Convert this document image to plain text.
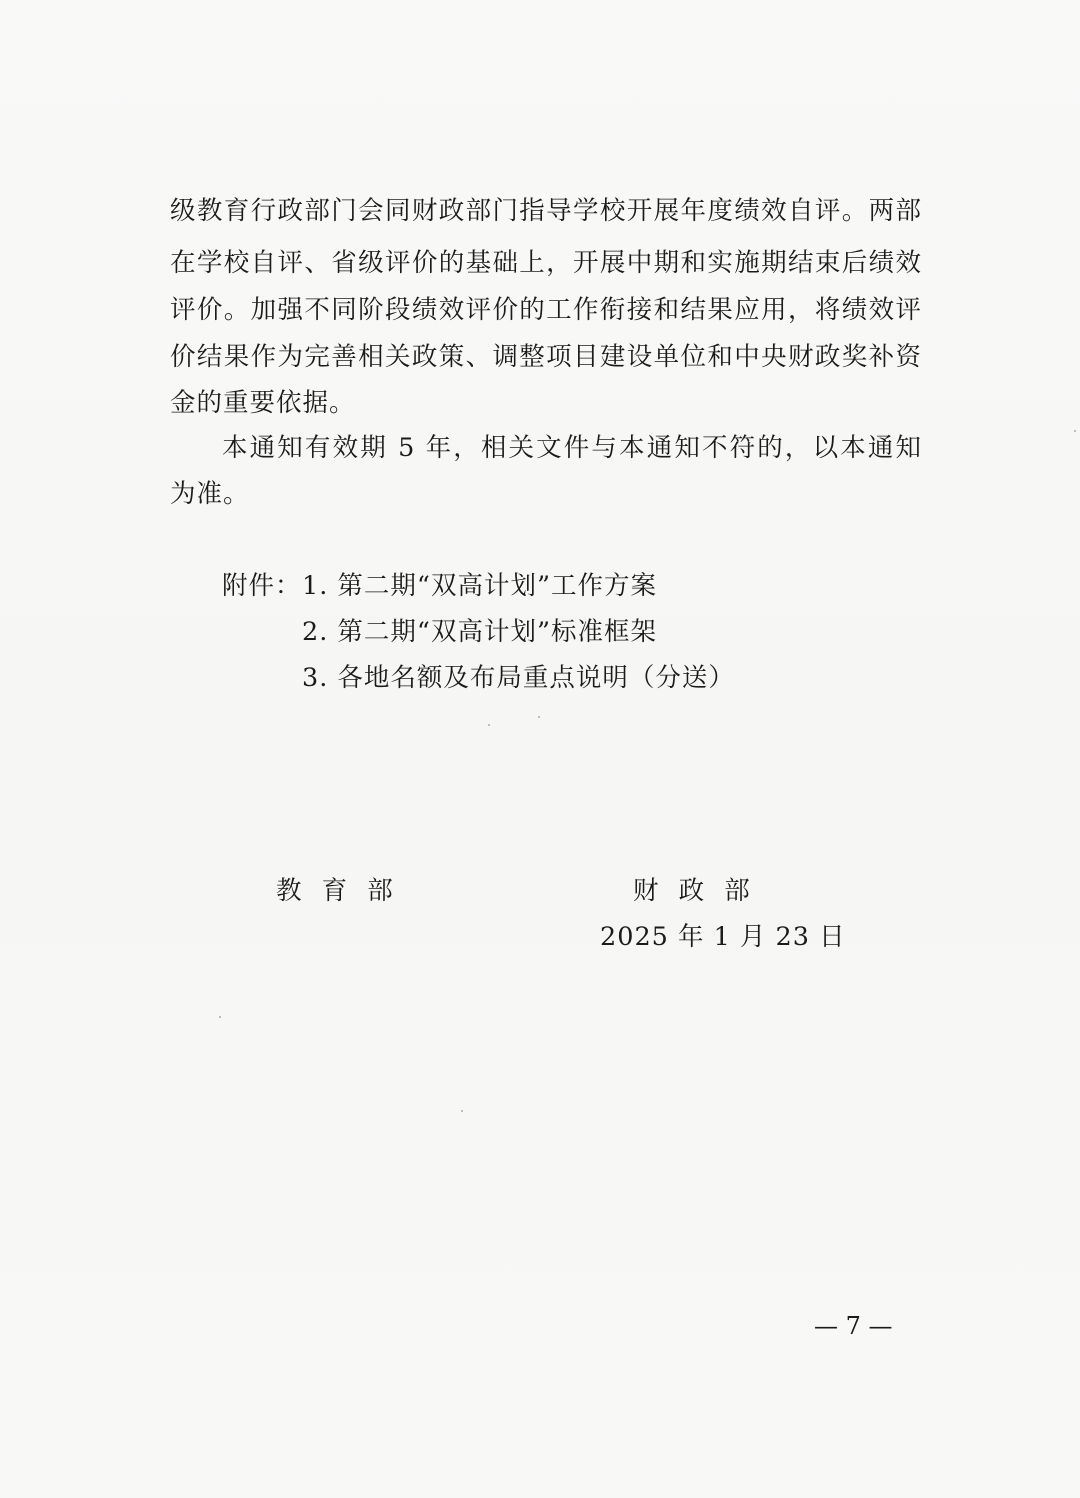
级教育行政部门会同财政部门指导学校开展年度绩效自评。两部
在学校自评、省级评价的基础上，开展中期和实施期结束后绩效
评价。加强不同阶段绩效评价的工作衔接和结果应用，将绩效评
价结果作为完善相关政策、调整项目建设单位和中央财政奖补资
金的重要依据。
本通知有效期 5 年，相关文件与本通知不符的，以本通知
为准。
附件： 1. 第二期“双高计划”工作方案
2. 第二期“双高计划”标准框架
3. 各地名额及布局重点说明（分送）
教 育 部	财 政 部
2025 年 1 月 23 日
— 7 —
